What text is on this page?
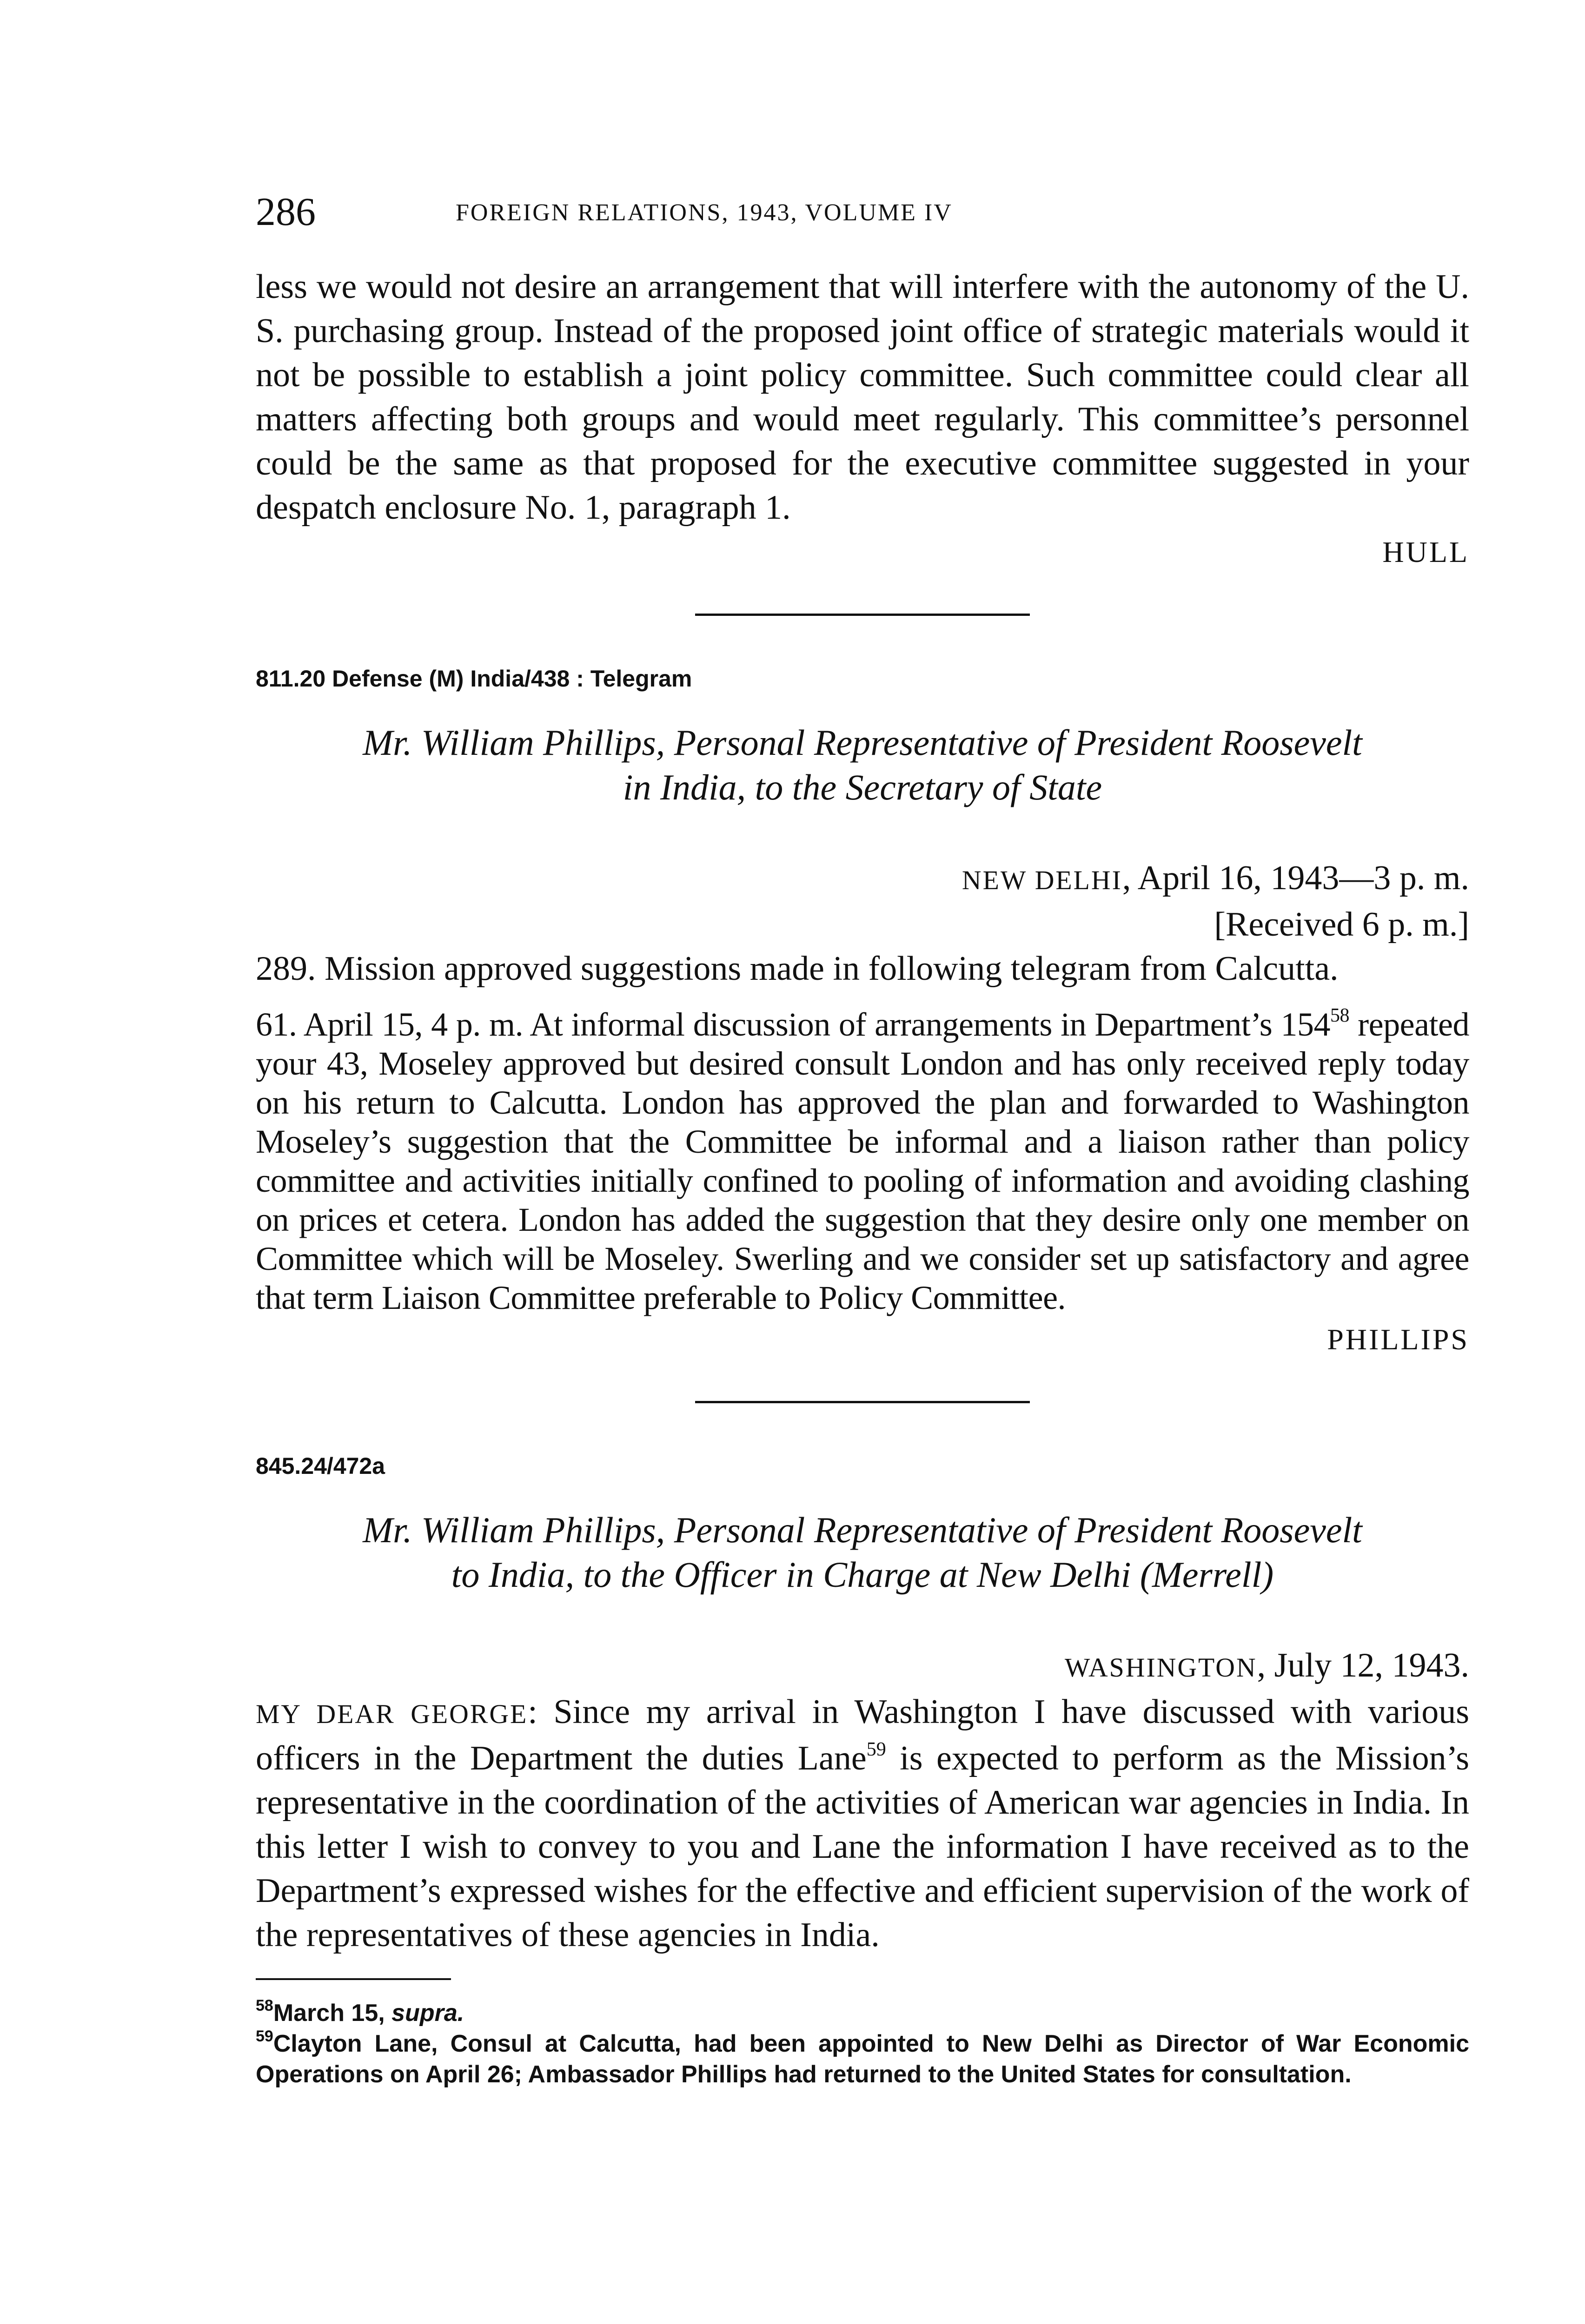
286	FOREIGN RELATIONS, 1943, VOLUME IV

less we would not desire an arrangement that will interfere with the autonomy of the U. S. purchasing group. Instead of the proposed joint office of strategic materials would it not be possible to establish a joint policy committee. Such committee could clear all matters affecting both groups and would meet regularly. This committee’s personnel could be the same as that proposed for the executive committee suggested in your despatch enclosure No. 1, paragraph 1.

HULL
811.20 Defense (M) India/438 : Telegram
Mr. William Phillips, Personal Representative of President Roosevelt
in India, to the Secretary of State
NEW DELHI, April 16, 1943—3 p. m.
[Received 6 p. m.]

289. Mission approved suggestions made in following telegram from Calcutta.

61. April 15, 4 p. m. At informal discussion of arrangements in Department’s 154$^{58}$ repeated your 43, Moseley approved but desired consult London and has only received reply today on his return to Calcutta. London has approved the plan and forwarded to Washington Moseley’s suggestion that the Committee be informal and a liaison rather than policy committee and activities initially confined to pooling of information and avoiding clashing on prices et cetera. London has added the suggestion that they desire only one member on Committee which will be Moseley. Swerling and we consider set up satisfactory and agree that term Liaison Committee preferable to Policy Committee.

PHILLIPS
845.24/472a
Mr. William Phillips, Personal Representative of President Roosevelt
to India, to the Officer in Charge at New Delhi (Merrell)
WASHINGTON, July 12, 1943.

MY DEAR GEORGE: Since my arrival in Washington I have discussed with various officers in the Department the duties Lane$^{59}$ is expected to perform as the Mission’s representative in the coordination of the activities of American war agencies in India. In this letter I wish to convey to you and Lane the information I have received as to the Department’s expressed wishes for the effective and efficient supervision of the work of the representatives of these agencies in India.

$^{58}$March 15, supra.
$^{59}$Clayton Lane, Consul at Calcutta, had been appointed to New Delhi as Director of War Economic Operations on April 26; Ambassador Phillips had returned to the United States for consultation.
